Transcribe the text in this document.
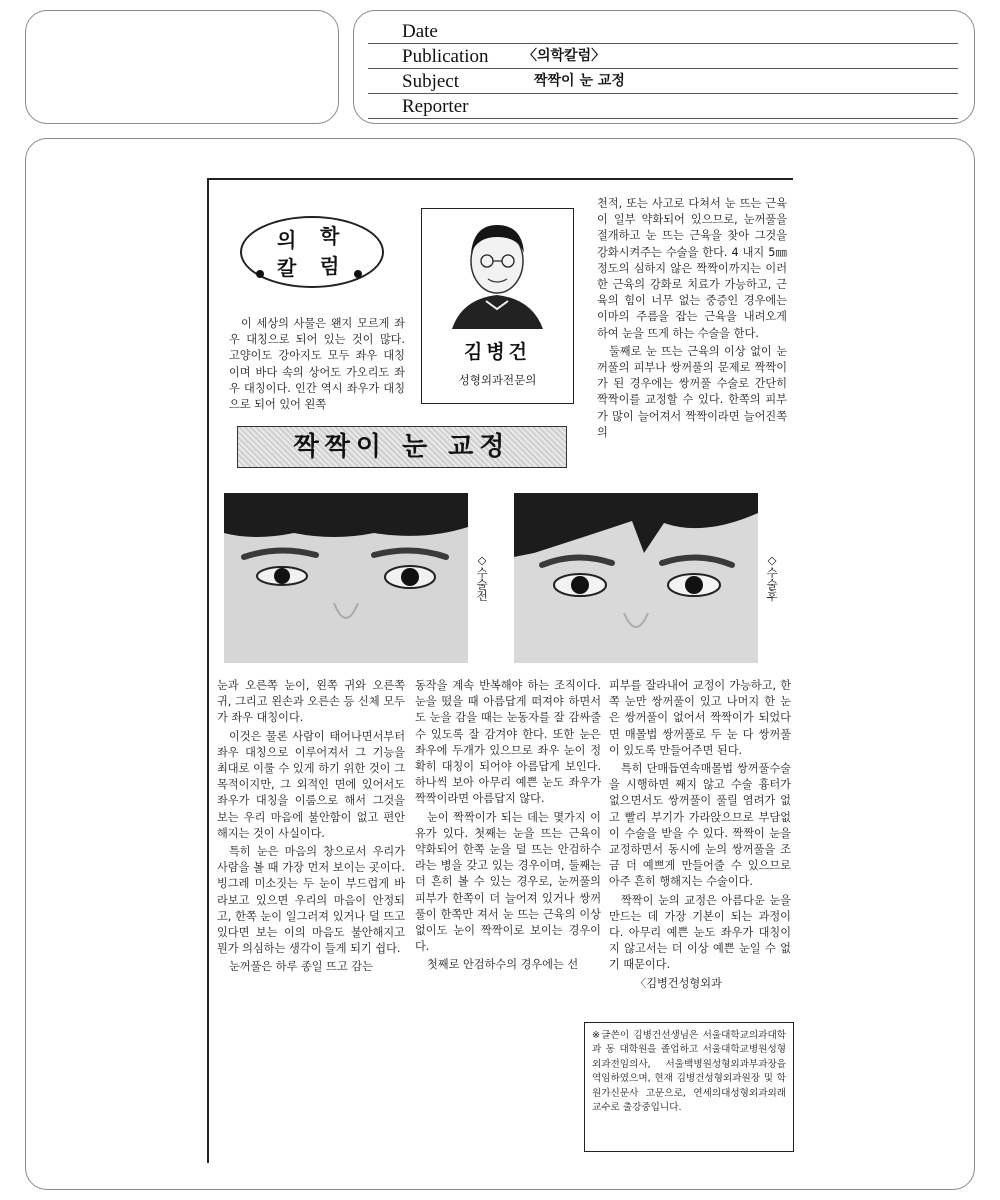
Date
Publication 〈의학칼럼〉
Subject	짝짝이 눈 교정
Reporter
의 학
칼 럼

이 세상의 사물은 왠지 모르게 좌우 대칭으로 되어 있는 것이 많다. 고양이도 강아지도 모두 좌우 대칭이며 바다 속의 상어도 가오리도 좌우 대칭이다. 인간 역시 좌우가 대칭으로 되어 있어 왼쪽

김병건
성형외과전문의

천적, 또는 사고로 다쳐서 눈 뜨는 근육이 일부 약화되어 있으므로, 눈꺼풀을 절개하고 눈 뜨는 근육을 찾아 그것을 강화시켜주는 수술을 한다. 4 내지 5㎜ 정도의 심하지 않은 짝짝이까지는 이러한 근육의 강화로 치료가 가능하고, 근육의 힘이 너무 없는 중증인 경우에는 이마의 주름을 잡는 근육을 내려오게 하여 눈을 뜨게 하는 수술을 한다.

둘째로 눈 뜨는 근육의 이상 없이 눈꺼풀의 피부나 쌍꺼풀의 문제로 짝짝이가 된 경우에는 쌍꺼풀 수술로 간단히 짝짝이를 교정할 수 있다. 한쪽의 피부가 많이 늘어져서 짝짝이라면 늘어진쪽의

짝짝이 눈 교정
◇수술전	◇수술후

눈과 오른쪽 눈이, 왼쪽 귀와 오른쪽 귀, 그리고 왼손과 오른손 등 신체 모두가 좌우 대칭이다.

이것은 물론 사람이 태어나면서부터 좌우 대칭으로 이루어져서 그 기능을 최대로 이룰 수 있게 하기 위한 것이 그 목적이지만, 그 외적인 면에 있어서도 좌우가 대칭을 이룸으로 해서 그것을 보는 우리 마음에 불안함이 없고 편안해지는 것이 사실이다.

특히 눈은 마음의 창으로서 우리가 사람을 볼 때 가장 먼저 보이는 곳이다. 빙그레 미소짓는 두 눈이 부드럽게 바라보고 있으면 우리의 마음이 안정되고, 한쪽 눈이 일그러져 있거나 덜 뜨고 있다면 보는 이의 마음도 불안해지고 뭔가 의심하는 생각이 들게 되기 쉽다.

눈꺼풀은 하루 종일 뜨고 감는

동작을 계속 반복해야 하는 조직이다. 눈을 떴을 때 아름답게 떠져야 하면서도 눈을 감을 때는 눈동자를 잘 감싸줄 수 있도록 잘 감겨야 한다. 또한 눈은 좌우에 두개가 있으므로 좌우 눈이 정확히 대칭이 되어야 아름답게 보인다. 하나씩 보아 아무리 예쁜 눈도 좌우가 짝짝이라면 아름답지 않다.

눈이 짝짝이가 되는 데는 몇가지 이유가 있다. 첫째는 눈을 뜨는 근육이 약화되어 한쪽 눈을 덜 뜨는 안검하수라는 병을 갖고 있는 경우이며, 둘째는 더 흔히 볼 수 있는 경우로, 눈꺼풀의 피부가 한쪽이 더 늘어져 있거나 쌍꺼풀이 한쪽만 져서 눈 뜨는 근육의 이상 없이도 눈이 짝짝이로 보이는 경우이다.

첫째로 안검하수의 경우에는 선

피부를 잘라내어 교정이 가능하고, 한쪽 눈만 쌍꺼풀이 있고 나머지 한 눈은 쌍꺼풀이 없어서 짝짝이가 되었다면 매몰법 쌍꺼풀로 두 눈 다 쌍꺼풀이 있도록 만들어주면 된다.

특히 단매듭연속매몰법 쌍꺼풀수술을 시행하면 째지 않고 수술 흉터가 없으면서도 쌍꺼풀이 풀릴 염려가 없고 빨리 부기가 가라앉으므로 부담없이 수술을 받을 수 있다. 짝짝이 눈을 교정하면서 동시에 눈의 쌍꺼풀을 조금 더 예쁘게 만들어줄 수 있으므로 아주 흔히 행해지는 수술이다.

짝짝이 눈의 교정은 아름다운 눈을 만드는 데 가장 기본이 되는 과정이다. 아무리 예쁜 눈도 좌우가 대칭이지 않고서는 더 이상 예쁜 눈일 수 없기 때문이다.

〈김병건성형외과

※글쓴이 김병건선생님은 서울대학교의과대학과 동 대학원을 졸업하고 서울대학교병원성형외과전임의사, 서울백병원성형외과부과장을 역임하였으며, 현재 김병건성형외과원장 및 학원가신문사 고문으로, 연세의대성형외과외래교수로 출강중입니다.
